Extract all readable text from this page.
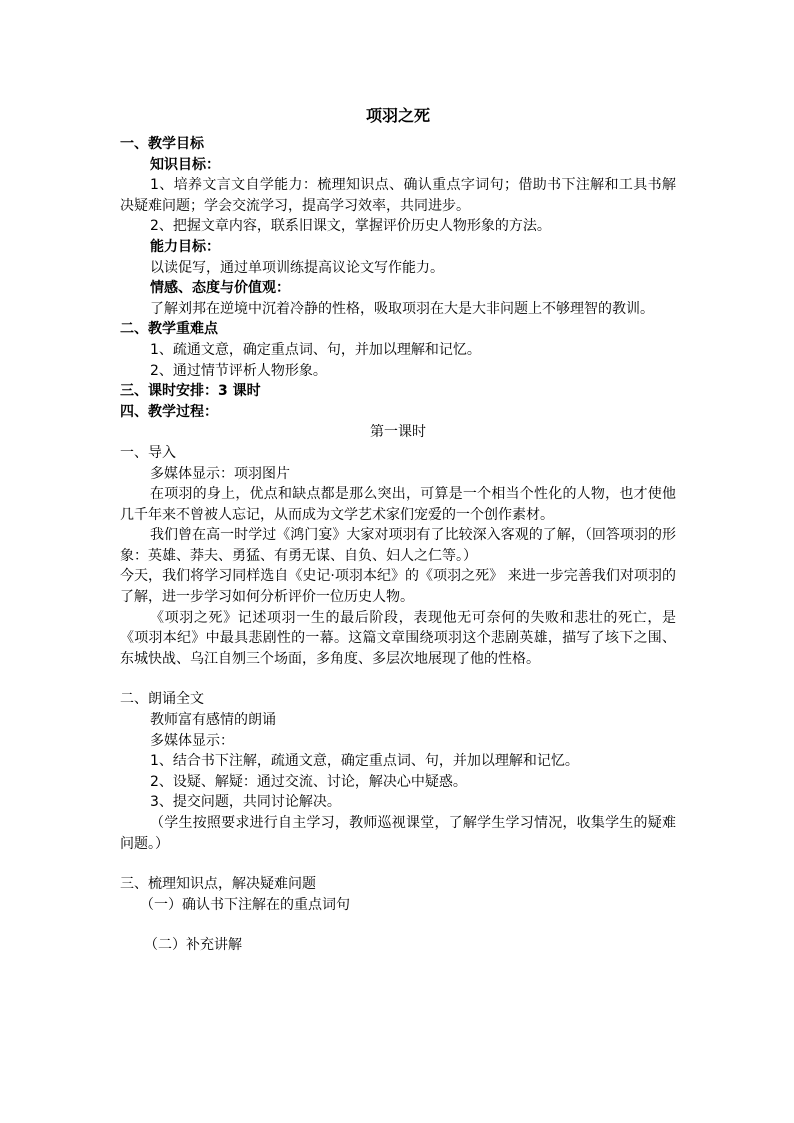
项羽之死
一、教学目标
知识目标：
1、培养文言文自学能力：梳理知识点、确认重点字词句；借助书下注解和工具书解决疑难问题；学会交流学习，提高学习效率，共同进步。
2、把握文章内容，联系旧课文，掌握评价历史人物形象的方法。
能力目标：
以读促写，通过单项训练提高议论文写作能力。
情感、态度与价值观：
了解刘邦在逆境中沉着冷静的性格，吸取项羽在大是大非问题上不够理智的教训。
二、教学重难点
1、疏通文意，确定重点词、句，并加以理解和记忆。
2、通过情节评析人物形象。
三、课时安排：3 课时
四、教学过程：
第一课时
一、导入
多媒体显示：项羽图片
在项羽的身上，优点和缺点都是那么突出，可算是一个相当个性化的人物，也才使他几千年来不曾被人忘记，从而成为文学艺术家们宠爱的一个创作素材。
我们曾在高一时学过《鸿门宴》大家对项羽有了比较深入客观的了解，（回答项羽的形象：英雄、莽夫、勇猛、有勇无谋、自负、妇人之仁等。）
今天，我们将学习同样选自《史记·项羽本纪》的《项羽之死》 来进一步完善我们对项羽的了解，进一步学习如何分析评价一位历史人物。
《项羽之死》记述项羽一生的最后阶段，表现他无可奈何的失败和悲壮的死亡，是《项羽本纪》中最具悲剧性的一幕。这篇文章围绕项羽这个悲剧英雄，描写了垓下之围、东城快战、乌江自刎三个场面，多角度、多层次地展现了他的性格。
二、朗诵全文
教师富有感情的朗诵
多媒体显示：
1、结合书下注解，疏通文意，确定重点词、句，并加以理解和记忆。
2、设疑、解疑：通过交流、讨论，解决心中疑惑。
3、提交问题，共同讨论解决。
（学生按照要求进行自主学习，教师巡视课堂，了解学生学习情况，收集学生的疑难问题。）
三、梳理知识点，解决疑难问题
（一）确认书下注解在的重点词句
（二）补充讲解
